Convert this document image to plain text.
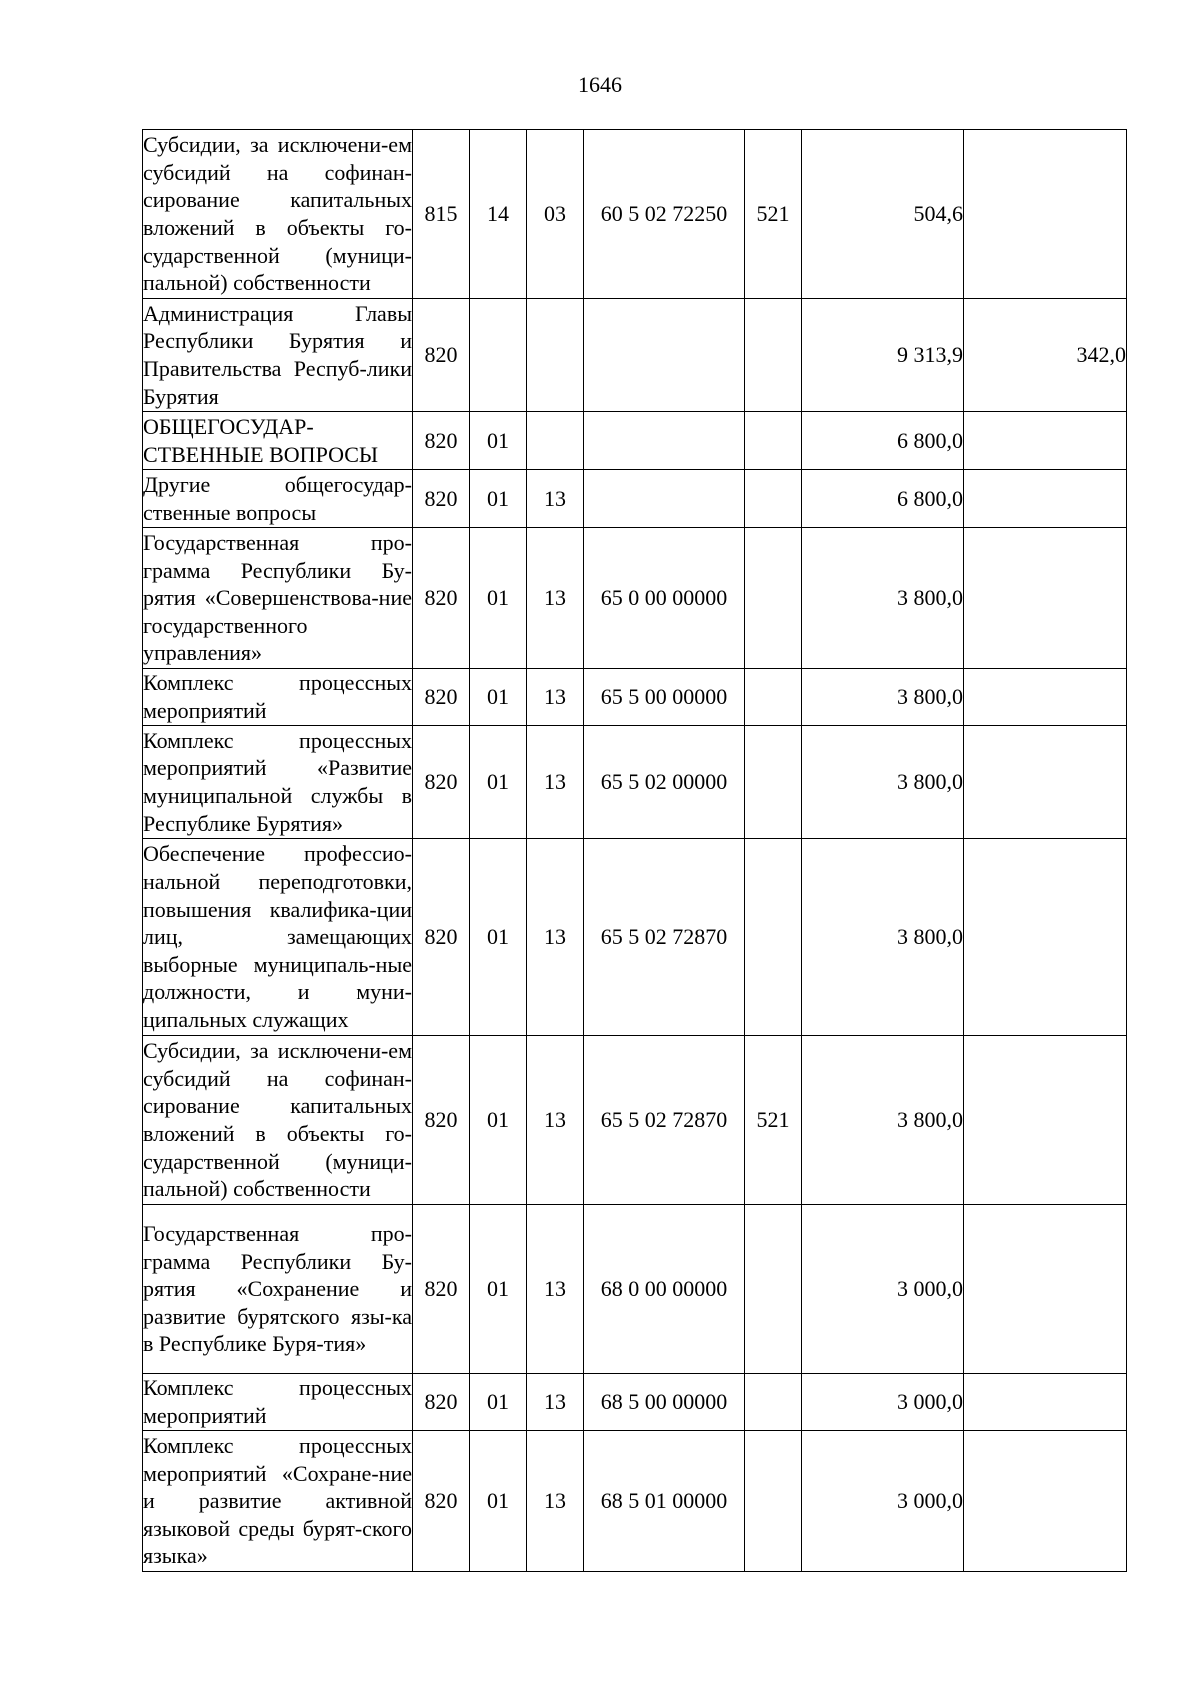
1646
Субсидии, за исключени-ем субсидий на софинан-сирование капитальных вложений в объекты го-сударственной (муници-пальной) собственности	815	14	03	60 5 02 72250	521	504,6	
Администрация Главы Республики Бурятия и Правительства Респуб-лики Бурятия	820					9 313,9	342,0
ОБЩЕГОСУДАР-СТВЕННЫЕ ВОПРОСЫ	820	01				6 800,0	
Другие общегосудар-ственные вопросы	820	01	13			6 800,0	
Государственная про-грамма Республики Бу-рятия «Совершенствова-ние государственного управления»	820	01	13	65 0 00 00000		3 800,0	
Комплекс процессных мероприятий	820	01	13	65 5 00 00000		3 800,0	
Комплекс процессных мероприятий «Развитие муниципальной службы в Республике Бурятия»	820	01	13	65 5 02 00000		3 800,0	
Обеспечение профессио-нальной переподготовки, повышения квалифика-ции лиц, замещающих выборные муниципаль-ные должности, и муни-ципальных служащих	820	01	13	65 5 02 72870		3 800,0	
Субсидии, за исключени-ем субсидий на софинан-сирование капитальных вложений в объекты го-сударственной (муници-пальной) собственности	820	01	13	65 5 02 72870	521	3 800,0	
Государственная про-грамма Республики Бу-рятия «Сохранение и развитие бурятского язы-ка в Республике Буря-тия»	820	01	13	68 0 00 00000		3 000,0	
Комплекс процессных мероприятий	820	01	13	68 5 00 00000		3 000,0	
Комплекс процессных мероприятий «Сохране-ние и развитие активной языковой среды бурят-ского языка»	820	01	13	68 5 01 00000		3 000,0	
